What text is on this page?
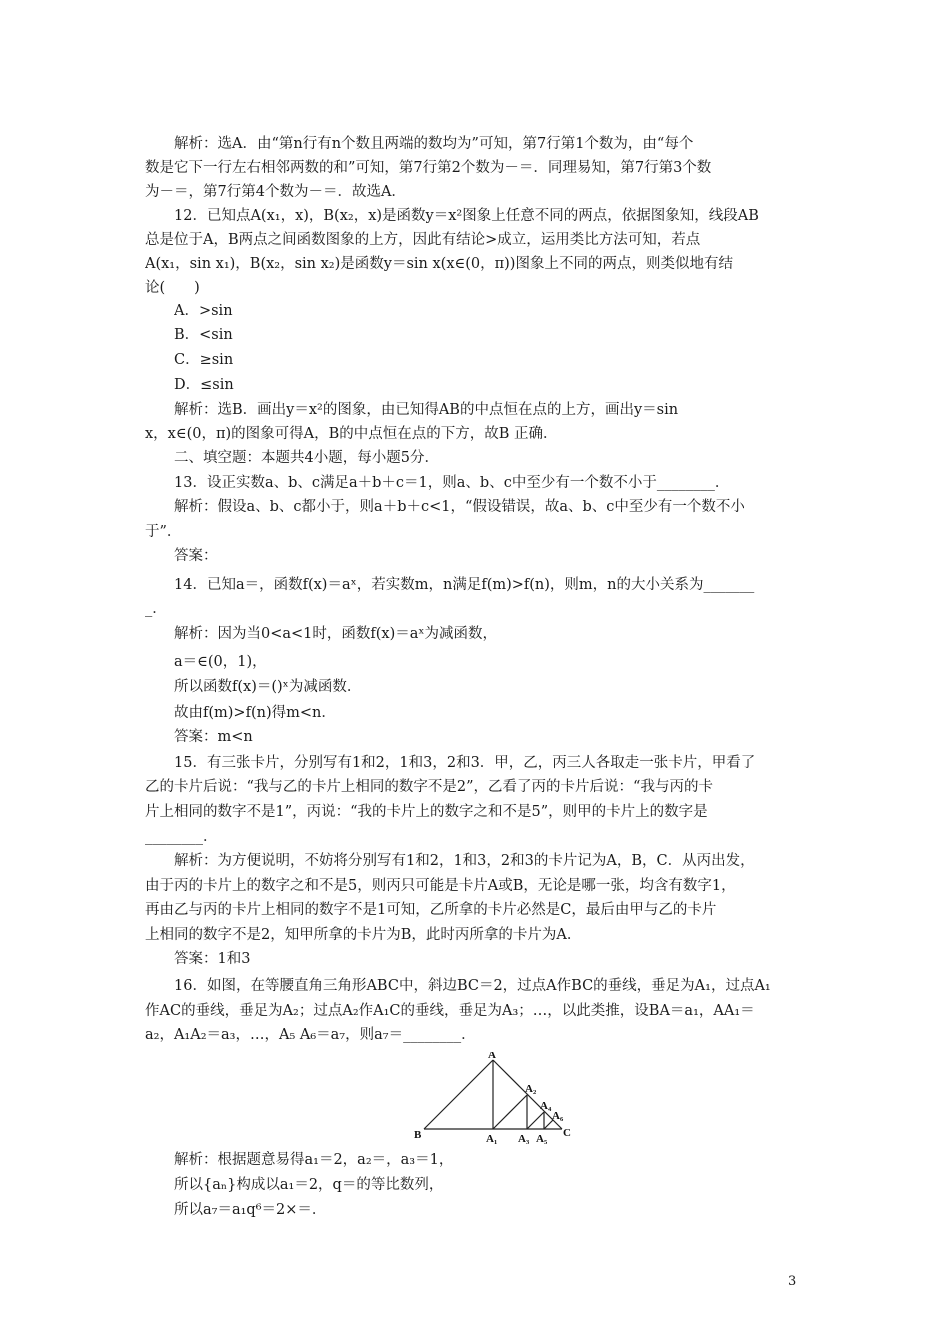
解析：选A．由“第n行有n个数且两端的数均为”可知，第7行第1个数为，由“每个
数是它下一行左右相邻两数的和”可知，第7行第2个数为－＝．同理易知，第7行第3个数
为－＝，第7行第4个数为－＝．故选A．
12．已知点A(x₁，x)，B(x₂，x)是函数y＝x²图象上任意不同的两点，依据图象知，线段AB
总是位于A，B两点之间函数图象的上方，因此有结论>成立，运用类比方法可知，若点
A(x₁，sin x₁)，B(x₂，sin x₂)是函数y＝sin x(x∈(0，π))图象上不同的两点，则类似地有结
论(　　)
A．>sin
B．<sin
C．≥sin
D．≤sin
解析：选B．画出y＝x²的图象，由已知得AB的中点恒在点的上方，画出y＝sin
x，x∈(0，π)的图象可得A，B的中点恒在点的下方，故B 正确．
二、填空题：本题共4小题，每小题5分．
13．设正实数a、b、c满足a＋b＋c＝1，则a、b、c中至少有一个数不小于________．
解析：假设a、b、c都小于，则a＋b＋c<1，“假设错误，故a、b、c中至少有一个数不小
于”．
答案：
14．已知a＝，函数f(x)＝aˣ，若实数m，n满足f(m)>f(n)，则m，n的大小关系为_______
_．
解析：因为当0<a<1时，函数f(x)＝aˣ为减函数，
a＝∈(0，1)，
所以函数f(x)＝()ˣ为减函数．
故由f(m)>f(n)得m<n．
答案：m<n
15．有三张卡片，分别写有1和2，1和3，2和3．甲，乙，丙三人各取走一张卡片，甲看了
乙的卡片后说：“我与乙的卡片上相同的数字不是2”，乙看了丙的卡片后说：“我与丙的卡
片上相同的数字不是1”，丙说：“我的卡片上的数字之和不是5”，则甲的卡片上的数字是
________．
解析：为方便说明，不妨将分别写有1和2，1和3，2和3的卡片记为A，B，C．从丙出发，
由于丙的卡片上的数字之和不是5，则丙只可能是卡片A或B，无论是哪一张，均含有数字1，
再由乙与丙的卡片上相同的数字不是1可知，乙所拿的卡片必然是C，最后由甲与乙的卡片
上相同的数字不是2，知甲所拿的卡片为B，此时丙所拿的卡片为A．
答案：1和3
16．如图，在等腰直角三角形ABC中，斜边BC＝2，过点A作BC的垂线，垂足为A₁，过点A₁
作AC的垂线，垂足为A₂；过点A₂作A₁C的垂线，垂足为A₃；…，以此类推，设BA＝a₁，AA₁＝
a₂，A₁A₂＝a₃，…，A₅ A₆＝a₇，则a₇＝________．
A
A₂
A₄
A₆
B	A₁ A₃ A₅ C
解析：根据题意易得a₁＝2，a₂＝，a₃＝1，
所以{aₙ}构成以a₁＝2，q＝的等比数列，
所以a₇＝a₁q⁶＝2×＝．
3
